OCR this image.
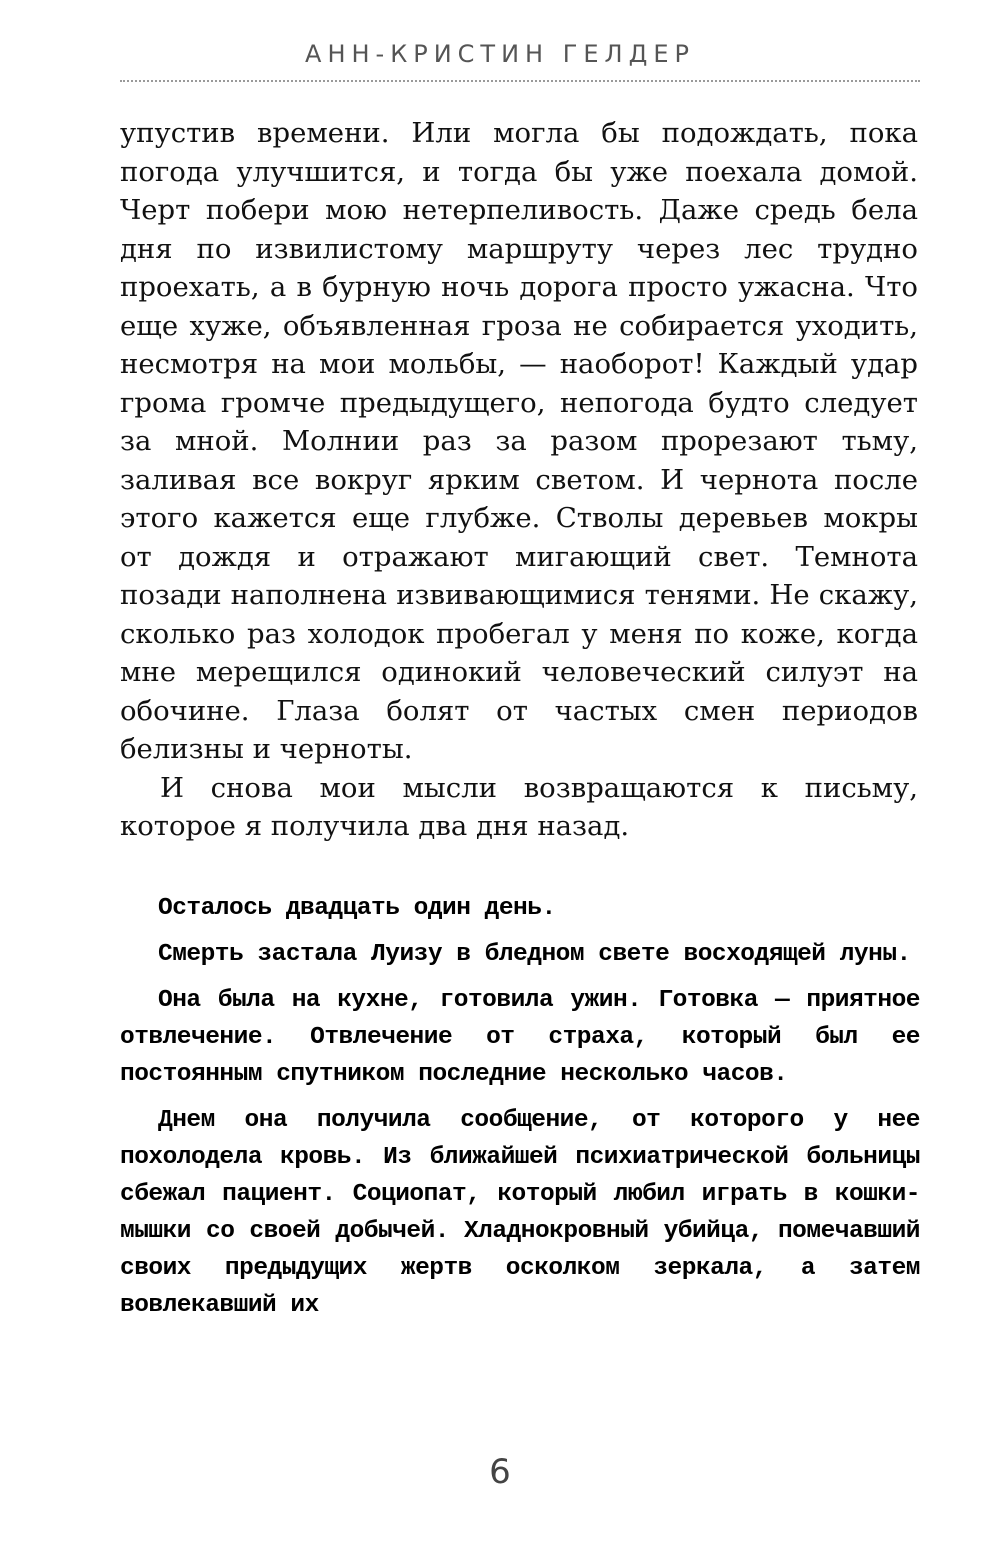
АНН-КРИСТИН ГЕЛДЕР

упустив времени. Или могла бы подождать, пока погода улучшится, и тогда бы уже поехала домой. Черт побери мою нетерпеливость. Даже средь бела дня по извилистому маршруту через лес трудно проехать, а в бурную ночь дорога просто ужасна. Что еще хуже, объявленная гроза не собирается уходить, несмотря на мои мольбы, — наоборот! Каждый удар грома громче предыдущего, непогода будто следует за мной. Молнии раз за разом прорезают тьму, заливая все вокруг ярким светом. И чернота после этого кажется еще глубже. Стволы деревьев мокры от дождя и отражают мигающий свет. Темнота позади наполнена извивающимися тенями. Не скажу, сколько раз холодок пробегал у меня по коже, когда мне мерещился одинокий человеческий силуэт на обочине. Глаза болят от частых смен периодов белизны и черноты.

И снова мои мысли возвращаются к письму, которое я получила два дня назад.

Осталось двадцать один день.

Смерть застала Луизу в бледном свете восходящей луны.

Она была на кухне, готовила ужин. Готовка — приятное отвлечение. Отвлечение от страха, который был ее постоянным спутником последние несколько часов.

Днем она получила сообщение, от которого у нее похолодела кровь. Из ближайшей психиатрической больницы сбежал пациент. Социопат, который любил играть в кошки-мышки со своей добычей. Хладнокровный убийца, помечавший своих предыдущих жертв осколком зеркала, а затем вовлекавший их

6
